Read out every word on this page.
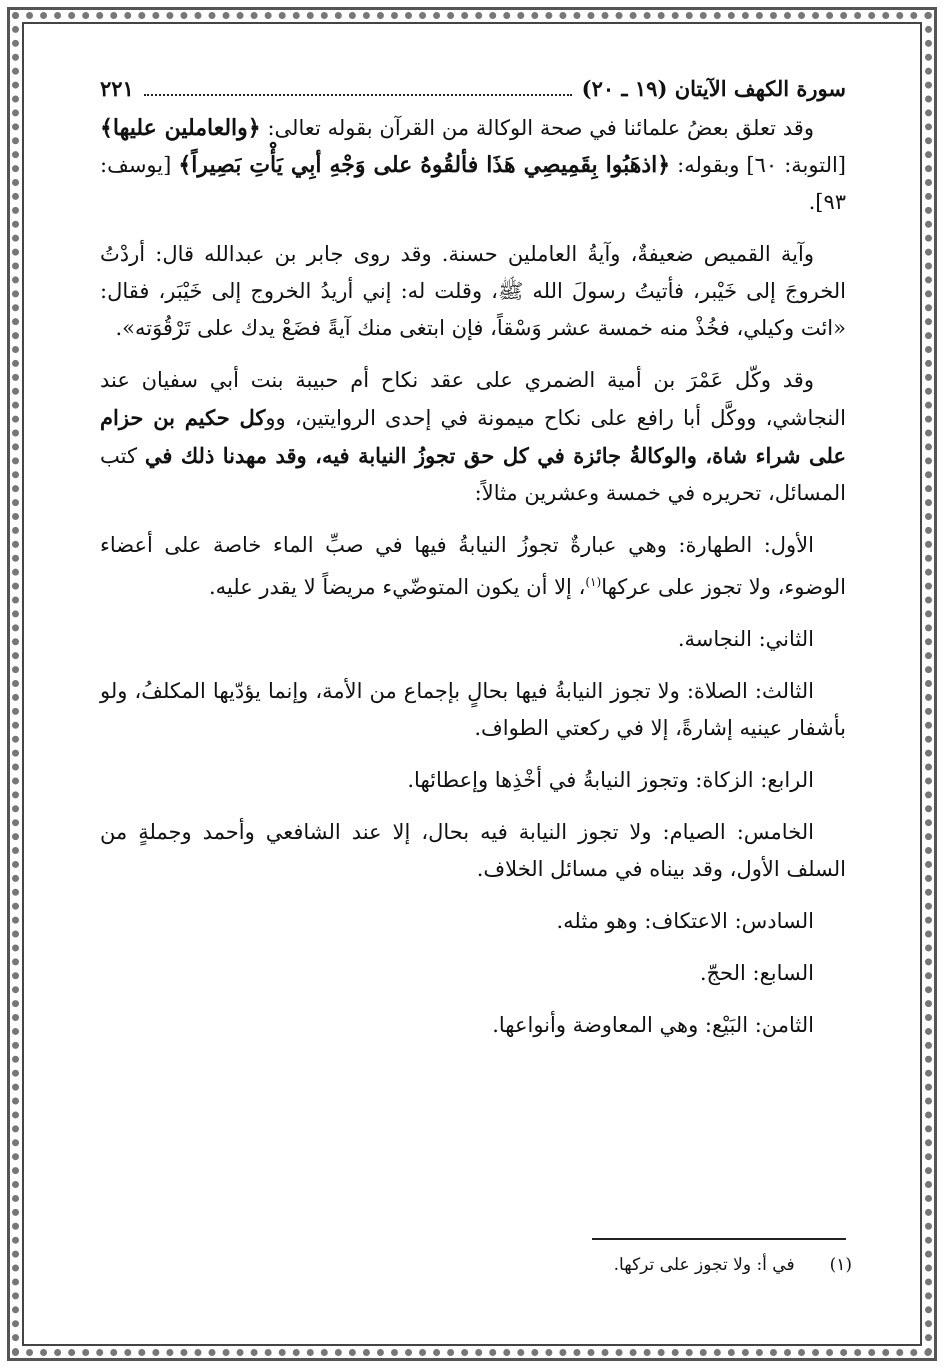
سورة الكهف الآيتان (١٩ ـ ٢٠)
٢٢١

وقد تعلق بعضُ علمائنا في صحة الوكالة من القرآن بقوله تعالى: ﴿والعاملين عليها﴾ [التوبة: ٦٠] وبقوله: ﴿اذهَبُوا بِقَمِيصِي هَذَا فألقُوهُ على وَجْهِ أبِي يَأْتِ بَصِيراً﴾ [يوسف: ٩٣].

وآية القميص ضعيفةٌ، وآيةُ العاملين حسنة. وقد روى جابر بن عبدالله قال: أردْتُ الخروجَ إلى خَيْبر، فأتيتُ رسولَ الله ﷺ، وقلت له: إني أريدُ الخروج إلى خَيْبَر، فقال: «ائت وكيلي، فخُذْ منه خمسة عشر وَسْقاً، فإن ابتغى منك آيةً فضَعْ يدك على تَرْقُوَته».

وقد وكّل عَمْرَ بن أمية الضمري على عقد نكاح أم حبيبة بنت أبي سفيان عند النجاشي، ووكَّل أبا رافع على نكاح ميمونة في إحدى الروايتين، ووكل حكيم بن حزام على شراء شاة، والوكالةُ جائزة في كل حق تجوزُ النيابة فيه، وقد مهدنا ذلك في كتب المسائل، تحريره في خمسة وعشرين مثالاً:

الأول: الطهارة: وهي عبارةٌ تجوزُ النيابةُ فيها في صبِّ الماء خاصة على أعضاء الوضوء، ولا تجوز على عركها$^{(١)}$، إلا أن يكون المتوضّيء مريضاً لا يقدر عليه.

الثاني: النجاسة.

الثالث: الصلاة: ولا تجوز النيابةُ فيها بحالٍ بإجماع من الأمة، وإنما يؤدّيها المكلفُ، ولو بأشفار عينيه إشارةً، إلا في ركعتي الطواف.

الرابع: الزكاة: وتجوز النيابةُ في أخْذِها وإعطائها.

الخامس: الصيام: ولا تجوز النيابة فيه بحال، إلا عند الشافعي وأحمد وجملةٍ من السلف الأول، وقد بيناه في مسائل الخلاف.

السادس: الاعتكاف: وهو مثله.

السابع: الحجّ.

الثامن: البَيْع: وهي المعاوضة وأنواعها.

(١) في أ: ولا تجوز على تركها.
